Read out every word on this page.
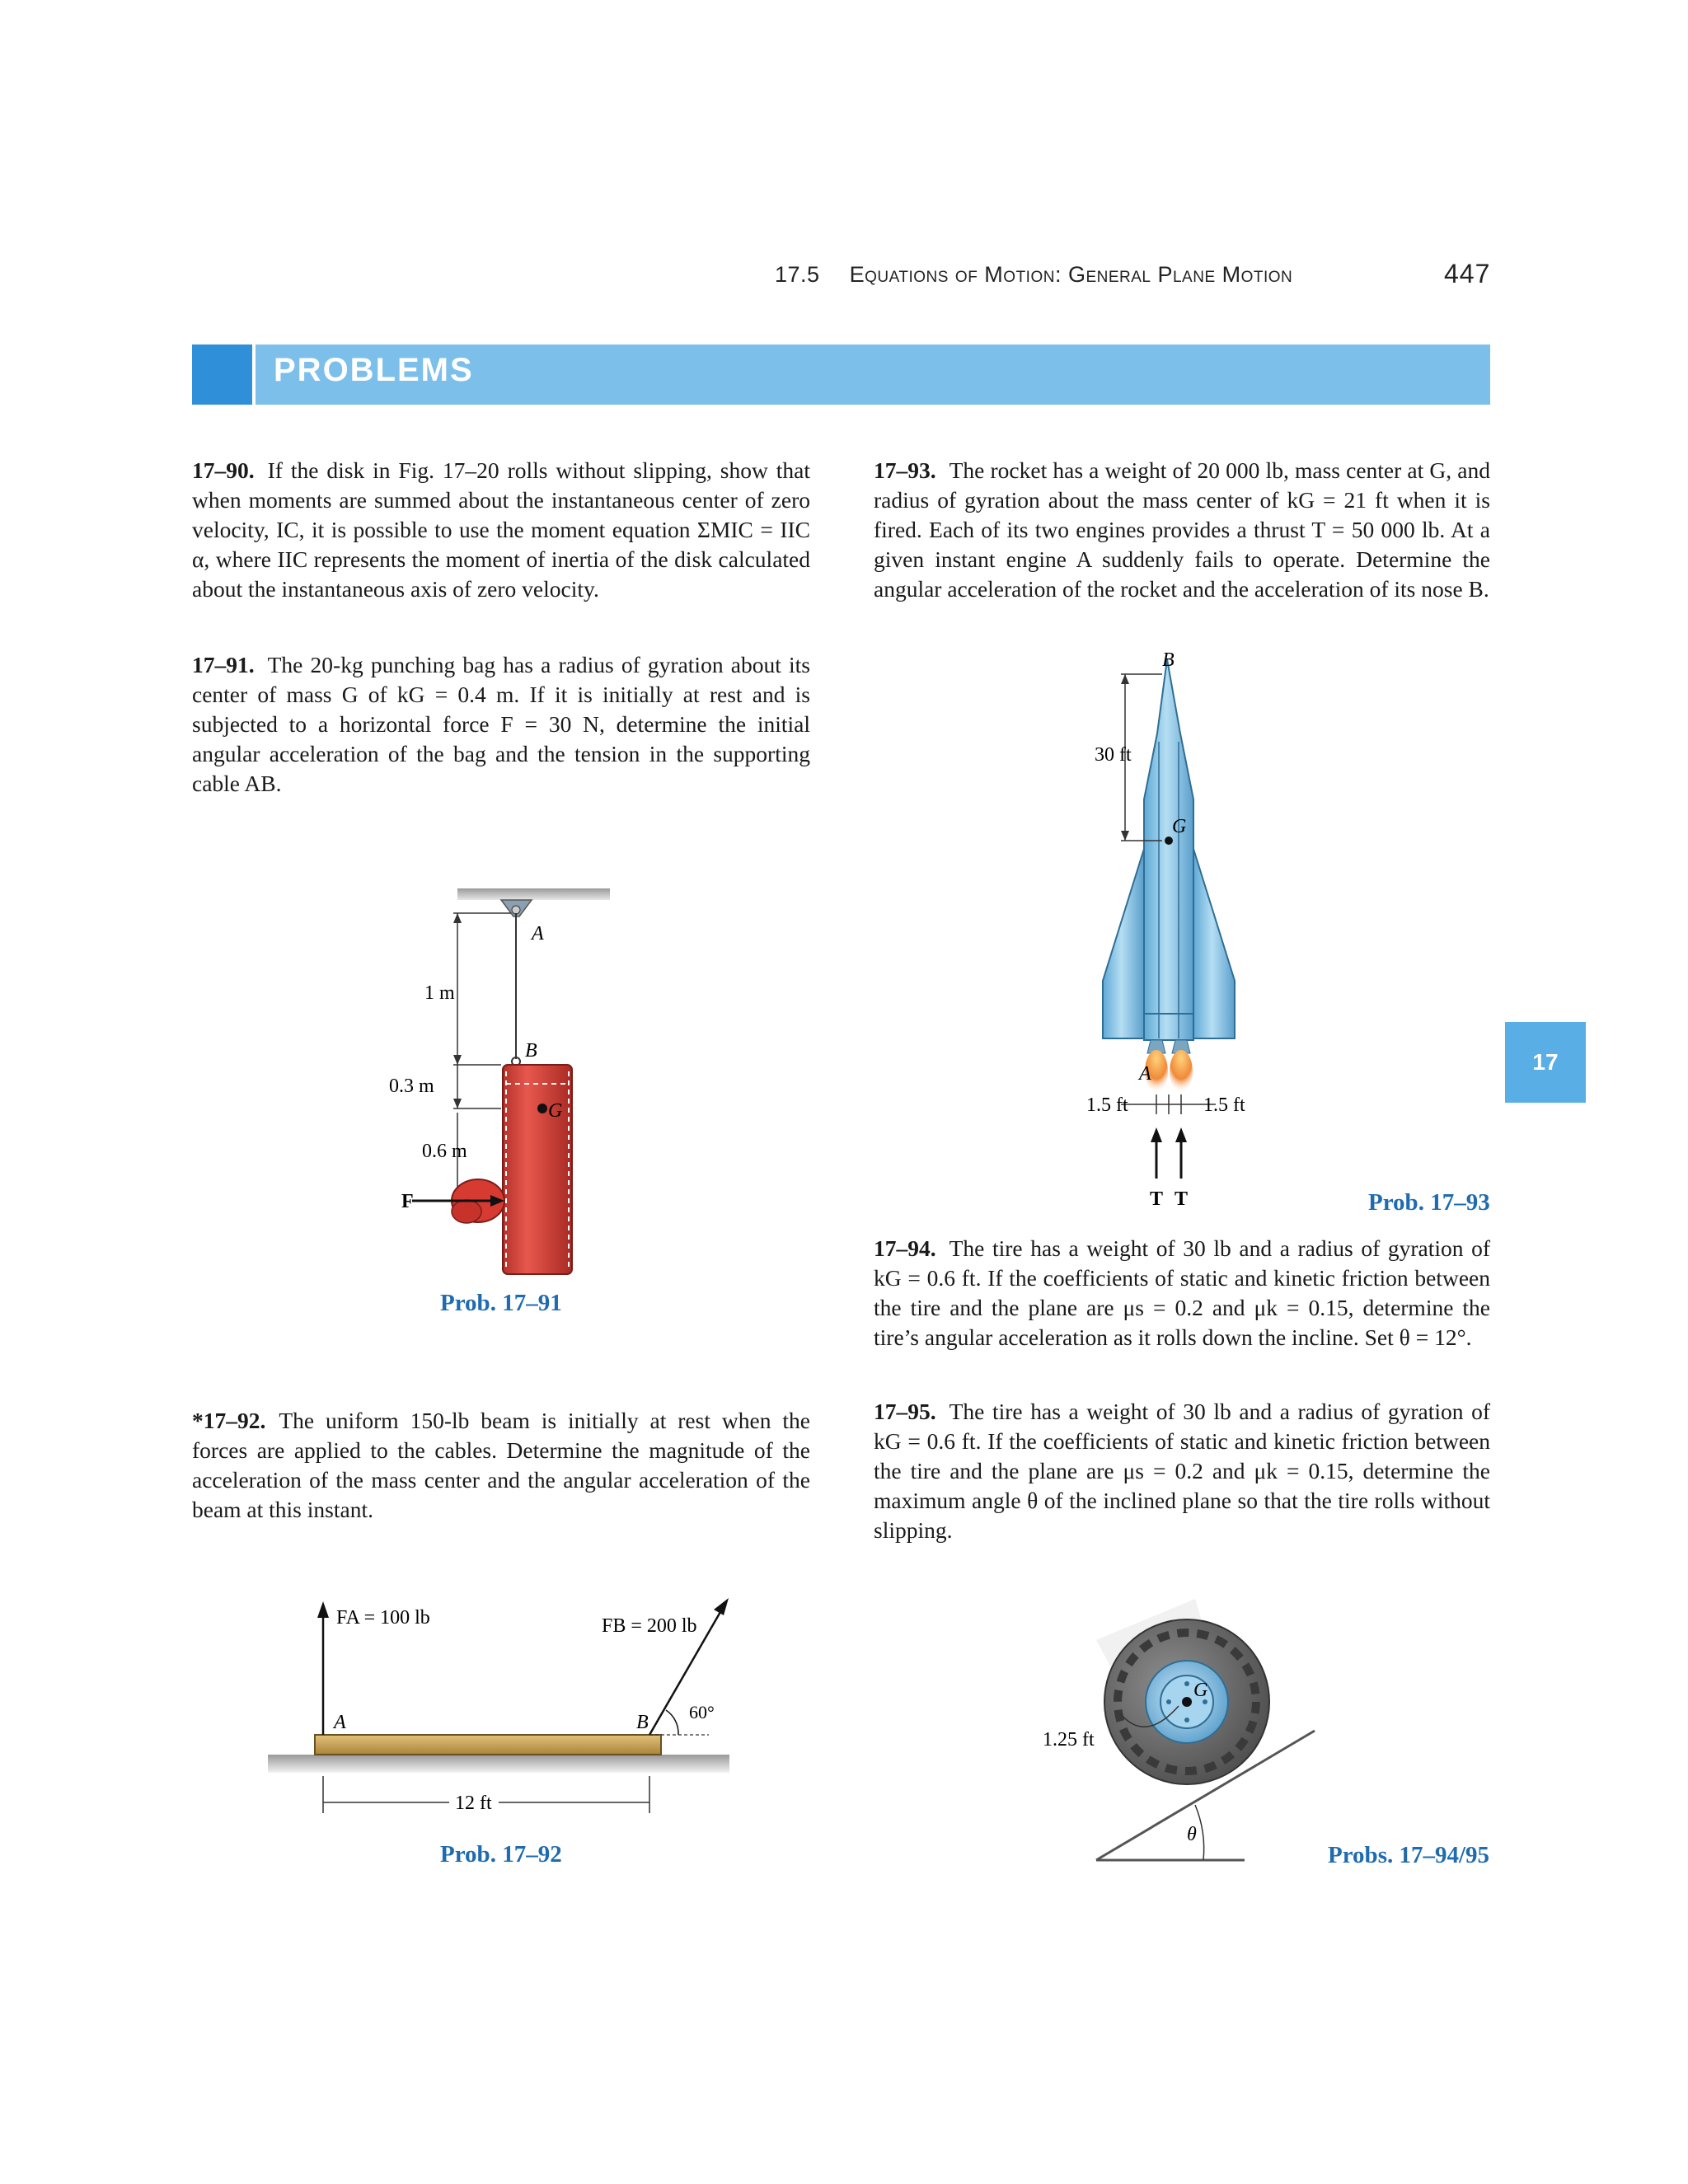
17.5 Equations of Motion: General Plane Motion	447
PROBLEMS
17
17–90. If the disk in Fig. 17–20 rolls without slipping, show that when moments are summed about the instantaneous center of zero velocity, IC, it is possible to use the moment equation ΣMIC = IIC α, where IIC represents the moment of inertia of the disk calculated about the instantaneous axis of zero velocity.
17–91. The 20-kg punching bag has a radius of gyration about its center of mass G of kG = 0.4 m. If it is initially at rest and is subjected to a horizontal force F = 30 N, determine the initial angular acceleration of the bag and the tension in the supporting cable AB.
A
B
G
1 m
0.3 m
0.6 m
F
Prob. 17–91
*17–92. The uniform 150-lb beam is initially at rest when the forces are applied to the cables. Determine the magnitude of the acceleration of the mass center and the angular acceleration of the beam at this instant.
FA = 100 lb	FB = 200 lb
A	B 60°
12 ft
Prob. 17–92
17–93. The rocket has a weight of 20 000 lb, mass center at G, and radius of gyration about the mass center of kG = 21 ft when it is fired. Each of its two engines provides a thrust T = 50 000 lb. At a given instant engine A suddenly fails to operate. Determine the angular acceleration of the rocket and the acceleration of its nose B.
B
G
30 ft
A
1.5 ft	1.5 ft
T T	Prob. 17–93
17–94. The tire has a weight of 30 lb and a radius of gyration of kG = 0.6 ft. If the coefficients of static and kinetic friction between the tire and the plane are μs = 0.2 and μk = 0.15, determine the tire’s angular acceleration as it rolls down the incline. Set θ = 12°.
17–95. The tire has a weight of 30 lb and a radius of gyration of kG = 0.6 ft. If the coefficients of static and kinetic friction between the tire and the plane are μs = 0.2 and μk = 0.15, determine the maximum angle θ of the inclined plane so that the tire rolls without slipping.
G
1.25 ft
θ
Probs. 17–94/95
